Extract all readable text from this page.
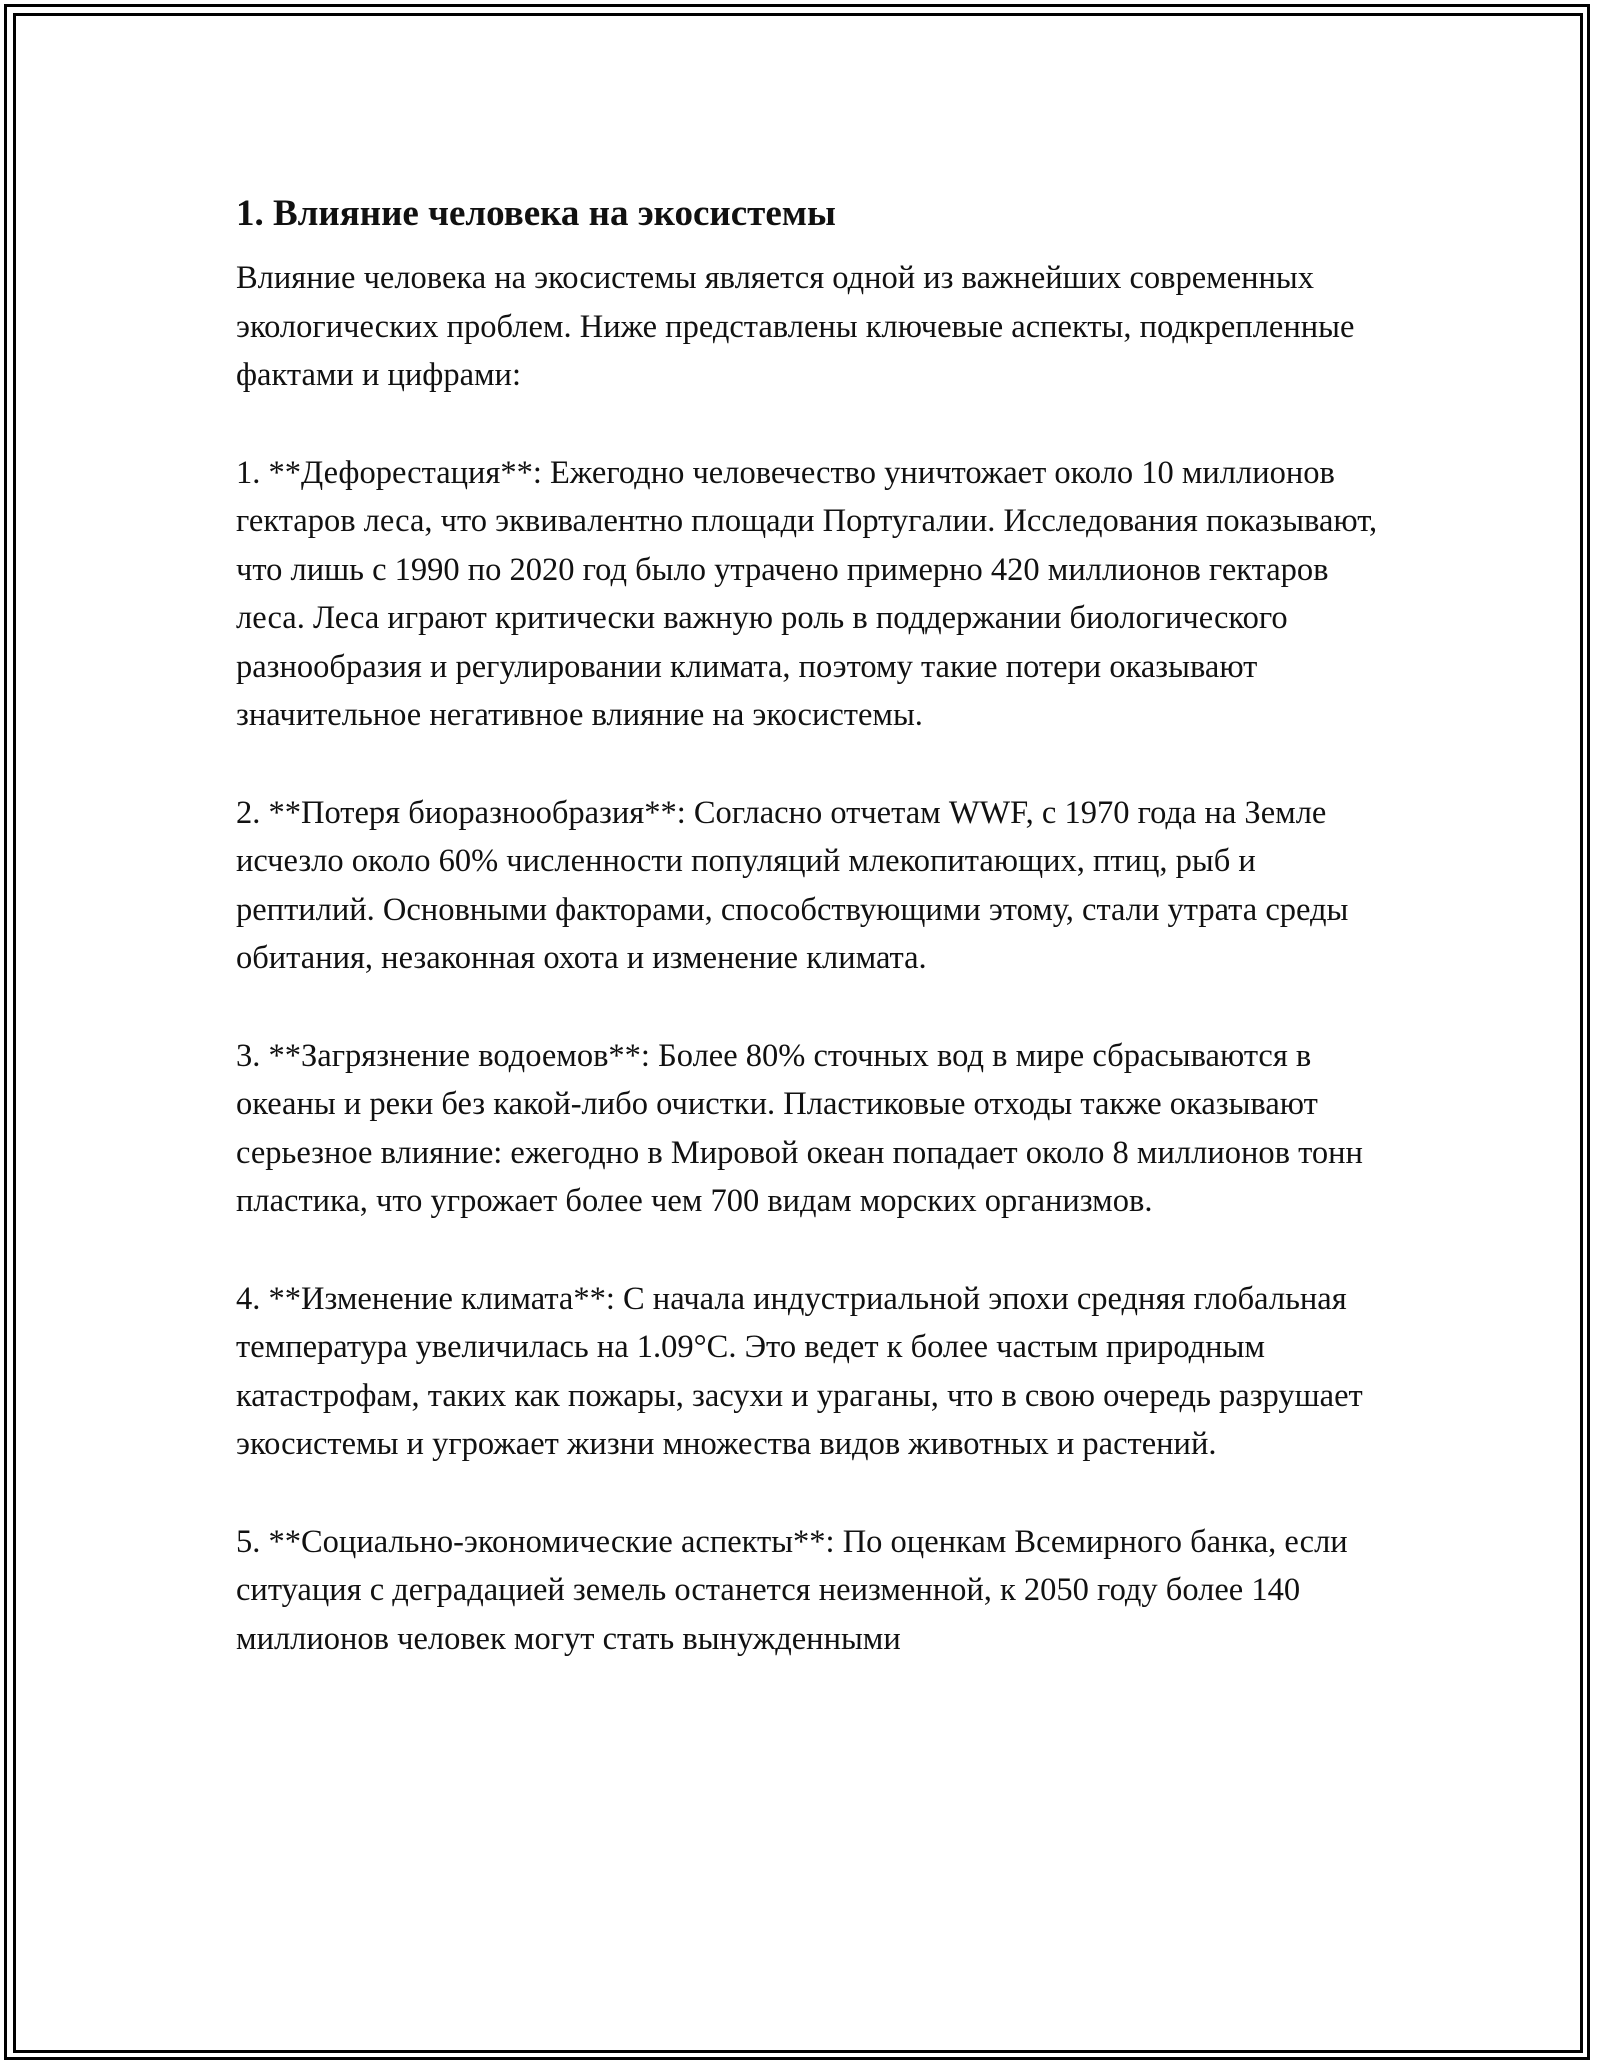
1. Влияние человека на экосистемы

Влияние человека на экосистемы является одной из важнейших современных экологических проблем. Ниже представлены ключевые аспекты, подкрепленные фактами и цифрами:

1. **Дефорестация**: Ежегодно человечество уничтожает около 10 миллионов гектаров леса, что эквивалентно площади Португалии. Исследования показывают, что лишь с 1990 по 2020 год было утрачено примерно 420 миллионов гектаров леса. Леса играют критически важную роль в поддержании биологического разнообразия и регулировании климата, поэтому такие потери оказывают значительное негативное влияние на экосистемы.

2. **Потеря биоразнообразия**: Согласно отчетам WWF, с 1970 года на Земле исчезло около 60% численности популяций млекопитающих, птиц, рыб и рептилий. Основными факторами, способствующими этому, стали утрата среды обитания, незаконная охота и изменение климата.

3. **Загрязнение водоемов**: Более 80% сточных вод в мире сбрасываются в океаны и реки без какой-либо очистки. Пластиковые отходы также оказывают серьезное влияние: ежегодно в Мировой океан попадает около 8 миллионов тонн пластика, что угрожает более чем 700 видам морских организмов.

4. **Изменение климата**: С начала индустриальной эпохи средняя глобальная температура увеличилась на 1.09°C. Это ведет к более частым природным катастрофам, таких как пожары, засухи и ураганы, что в свою очередь разрушает экосистемы и угрожает жизни множества видов животных и растений.

5. **Социально-экономические аспекты**: По оценкам Всемирного банка, если ситуация с деградацией земель останется неизменной, к 2050 году более 140 миллионов человек могут стать вынужденными
